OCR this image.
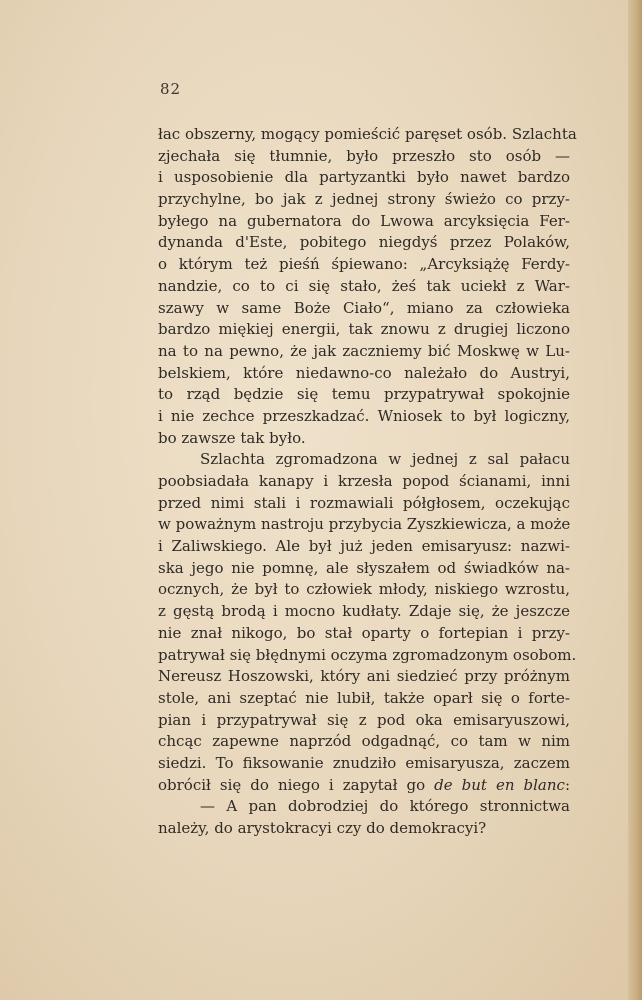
82
łac obszerny, mogący pomieścić paręset osób. Szlachta
zjechała się tłumnie, było przeszło sto osób —
i usposobienie dla partyzantki było nawet bardzo
przychylne, bo jak z jednej strony świeżo co przy-
byłego na gubernatora do Lwowa arcyksięcia Fer-
dynanda d'Este, pobitego niegdyś przez Polaków,
o którym też pieśń śpiewano: „Arcyksiążę Ferdy-
nandzie, co to ci się stało, żeś tak uciekł z War-
szawy w same Boże Ciało“, miano za człowieka
bardzo miękiej energii, tak znowu z drugiej liczono
na to na pewno, że jak zaczniemy bić Moskwę w Lu-
belskiem, które niedawno-co należało do Austryi,
to rząd będzie się temu przypatrywał spokojnie
i nie zechce przeszkadzać. Wniosek to był logiczny,
bo zawsze tak było.
Szlachta zgromadzona w jednej z sal pałacu
poobsiadała kanapy i krzesła popod ścianami, inni
przed nimi stali i rozmawiali półgłosem, oczekując
w poważnym nastroju przybycia Zyszkiewicza, a może
i Zaliwskiego. Ale był już jeden emisaryusz: nazwi-
ska jego nie pomnę, ale słyszałem od świadków na-
ocznych, że był to człowiek młody, niskiego wzrostu,
z gęstą brodą i mocno kudłaty. Zdaje się, że jeszcze
nie znał nikogo, bo stał oparty o fortepian i przy-
patrywał się błędnymi oczyma zgromadzonym osobom.
Nereusz Hoszowski, który ani siedzieć przy próżnym
stole, ani szeptać nie lubił, także oparł się o forte-
pian i przypatrywał się z pod oka emisaryuszowi,
chcąc zapewne naprzód odgadnąć, co tam w nim
siedzi. To fiksowanie znudziło emisaryusza, zaczem
obrócił się do niego i zapytał go de but en blanc:
— A pan dobrodziej do którego stronnictwa
należy, do arystokracyi czy do demokracyi?
